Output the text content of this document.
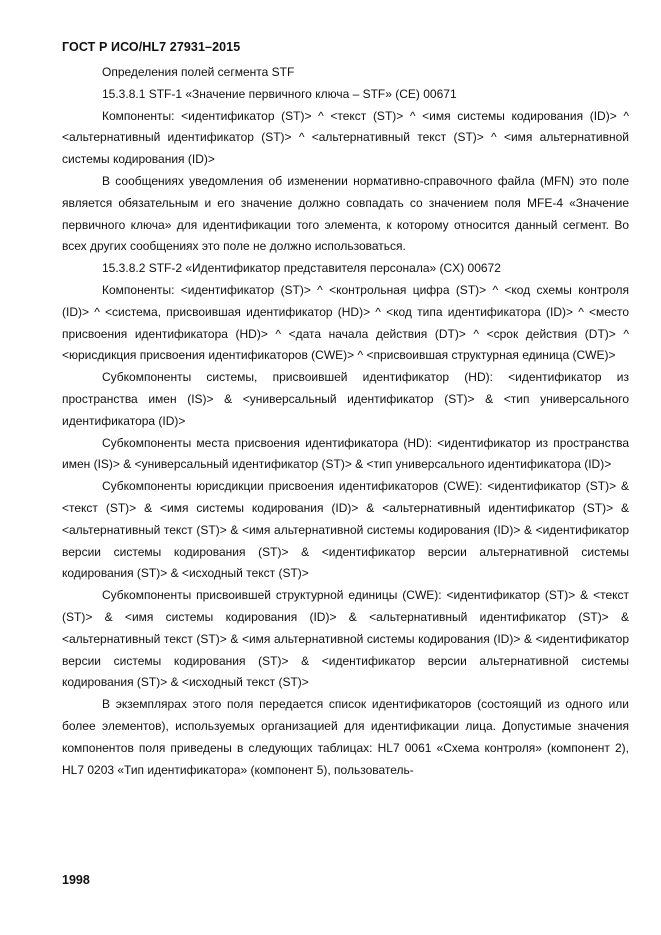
ГОСТ Р ИСО/HL7 27931–2015

Определения полей сегмента STF

15.3.8.1 STF-1 «Значение первичного ключа – STF» (CE) 00671

Компоненты: <идентификатор (ST)> ^ <текст (ST)> ^ <имя системы кодирования (ID)> ^ <альтернативный идентификатор (ST)> ^ <альтернативный текст (ST)> ^ <имя альтернативной системы кодирования (ID)>

В сообщениях уведомления об изменении нормативно-справочного файла (MFN) это поле является обязательным и его значение должно совпадать со значением поля MFE-4 «Значение первичного ключа» для идентификации того элемента, к которому относится данный сегмент. Во всех других сообщениях это поле не должно использоваться.

15.3.8.2 STF-2 «Идентификатор представителя персонала» (CX) 00672

Компоненты: <идентификатор (ST)> ^ <контрольная цифра (ST)> ^ <код схемы контроля (ID)> ^ <система, присвоившая идентификатор (HD)> ^ <код типа идентификатора (ID)> ^ <место присвоения идентификатора (HD)> ^ <дата начала действия (DT)> ^ <срок действия (DT)> ^ <юрисдикция присвоения идентификаторов (CWE)> ^ <присвоившая структурная единица (CWE)>

Субкомпоненты системы, присвоившей идентификатор (HD): <идентификатор из пространства имен (IS)> & <универсальный идентификатор (ST)> & <тип универсального идентификатора (ID)>

Субкомпоненты места присвоения идентификатора (HD): <идентификатор из пространства имен (IS)> & <универсальный идентификатор (ST)> & <тип универсального идентификатора (ID)>

Субкомпоненты юрисдикции присвоения идентификаторов (CWE): <идентификатор (ST)> & <текст (ST)> & <имя системы кодирования (ID)> & <альтернативный идентификатор (ST)> & <альтернативный текст (ST)> & <имя альтернативной системы кодирования (ID)> & <идентификатор версии системы кодирования (ST)> & <идентификатор версии альтернативной системы кодирования (ST)> & <исходный текст (ST)>

Субкомпоненты присвоившей структурной единицы (CWE): <идентификатор (ST)> & <текст (ST)> & <имя системы кодирования (ID)> & <альтернативный идентификатор (ST)> & <альтернативный текст (ST)> & <имя альтернативной системы кодирования (ID)> & <идентификатор версии системы кодирования (ST)> & <идентификатор версии альтернативной системы кодирования (ST)> & <исходный текст (ST)>

В экземплярах этого поля передается список идентификаторов (состоящий из одного или более элементов), используемых организацией для идентификации лица. Допустимые значения компонентов поля приведены в следующих таблицах: HL7 0061 «Схема контроля» (компонент 2), HL7 0203 «Тип идентификатора» (компонент 5), пользователь-

1998
